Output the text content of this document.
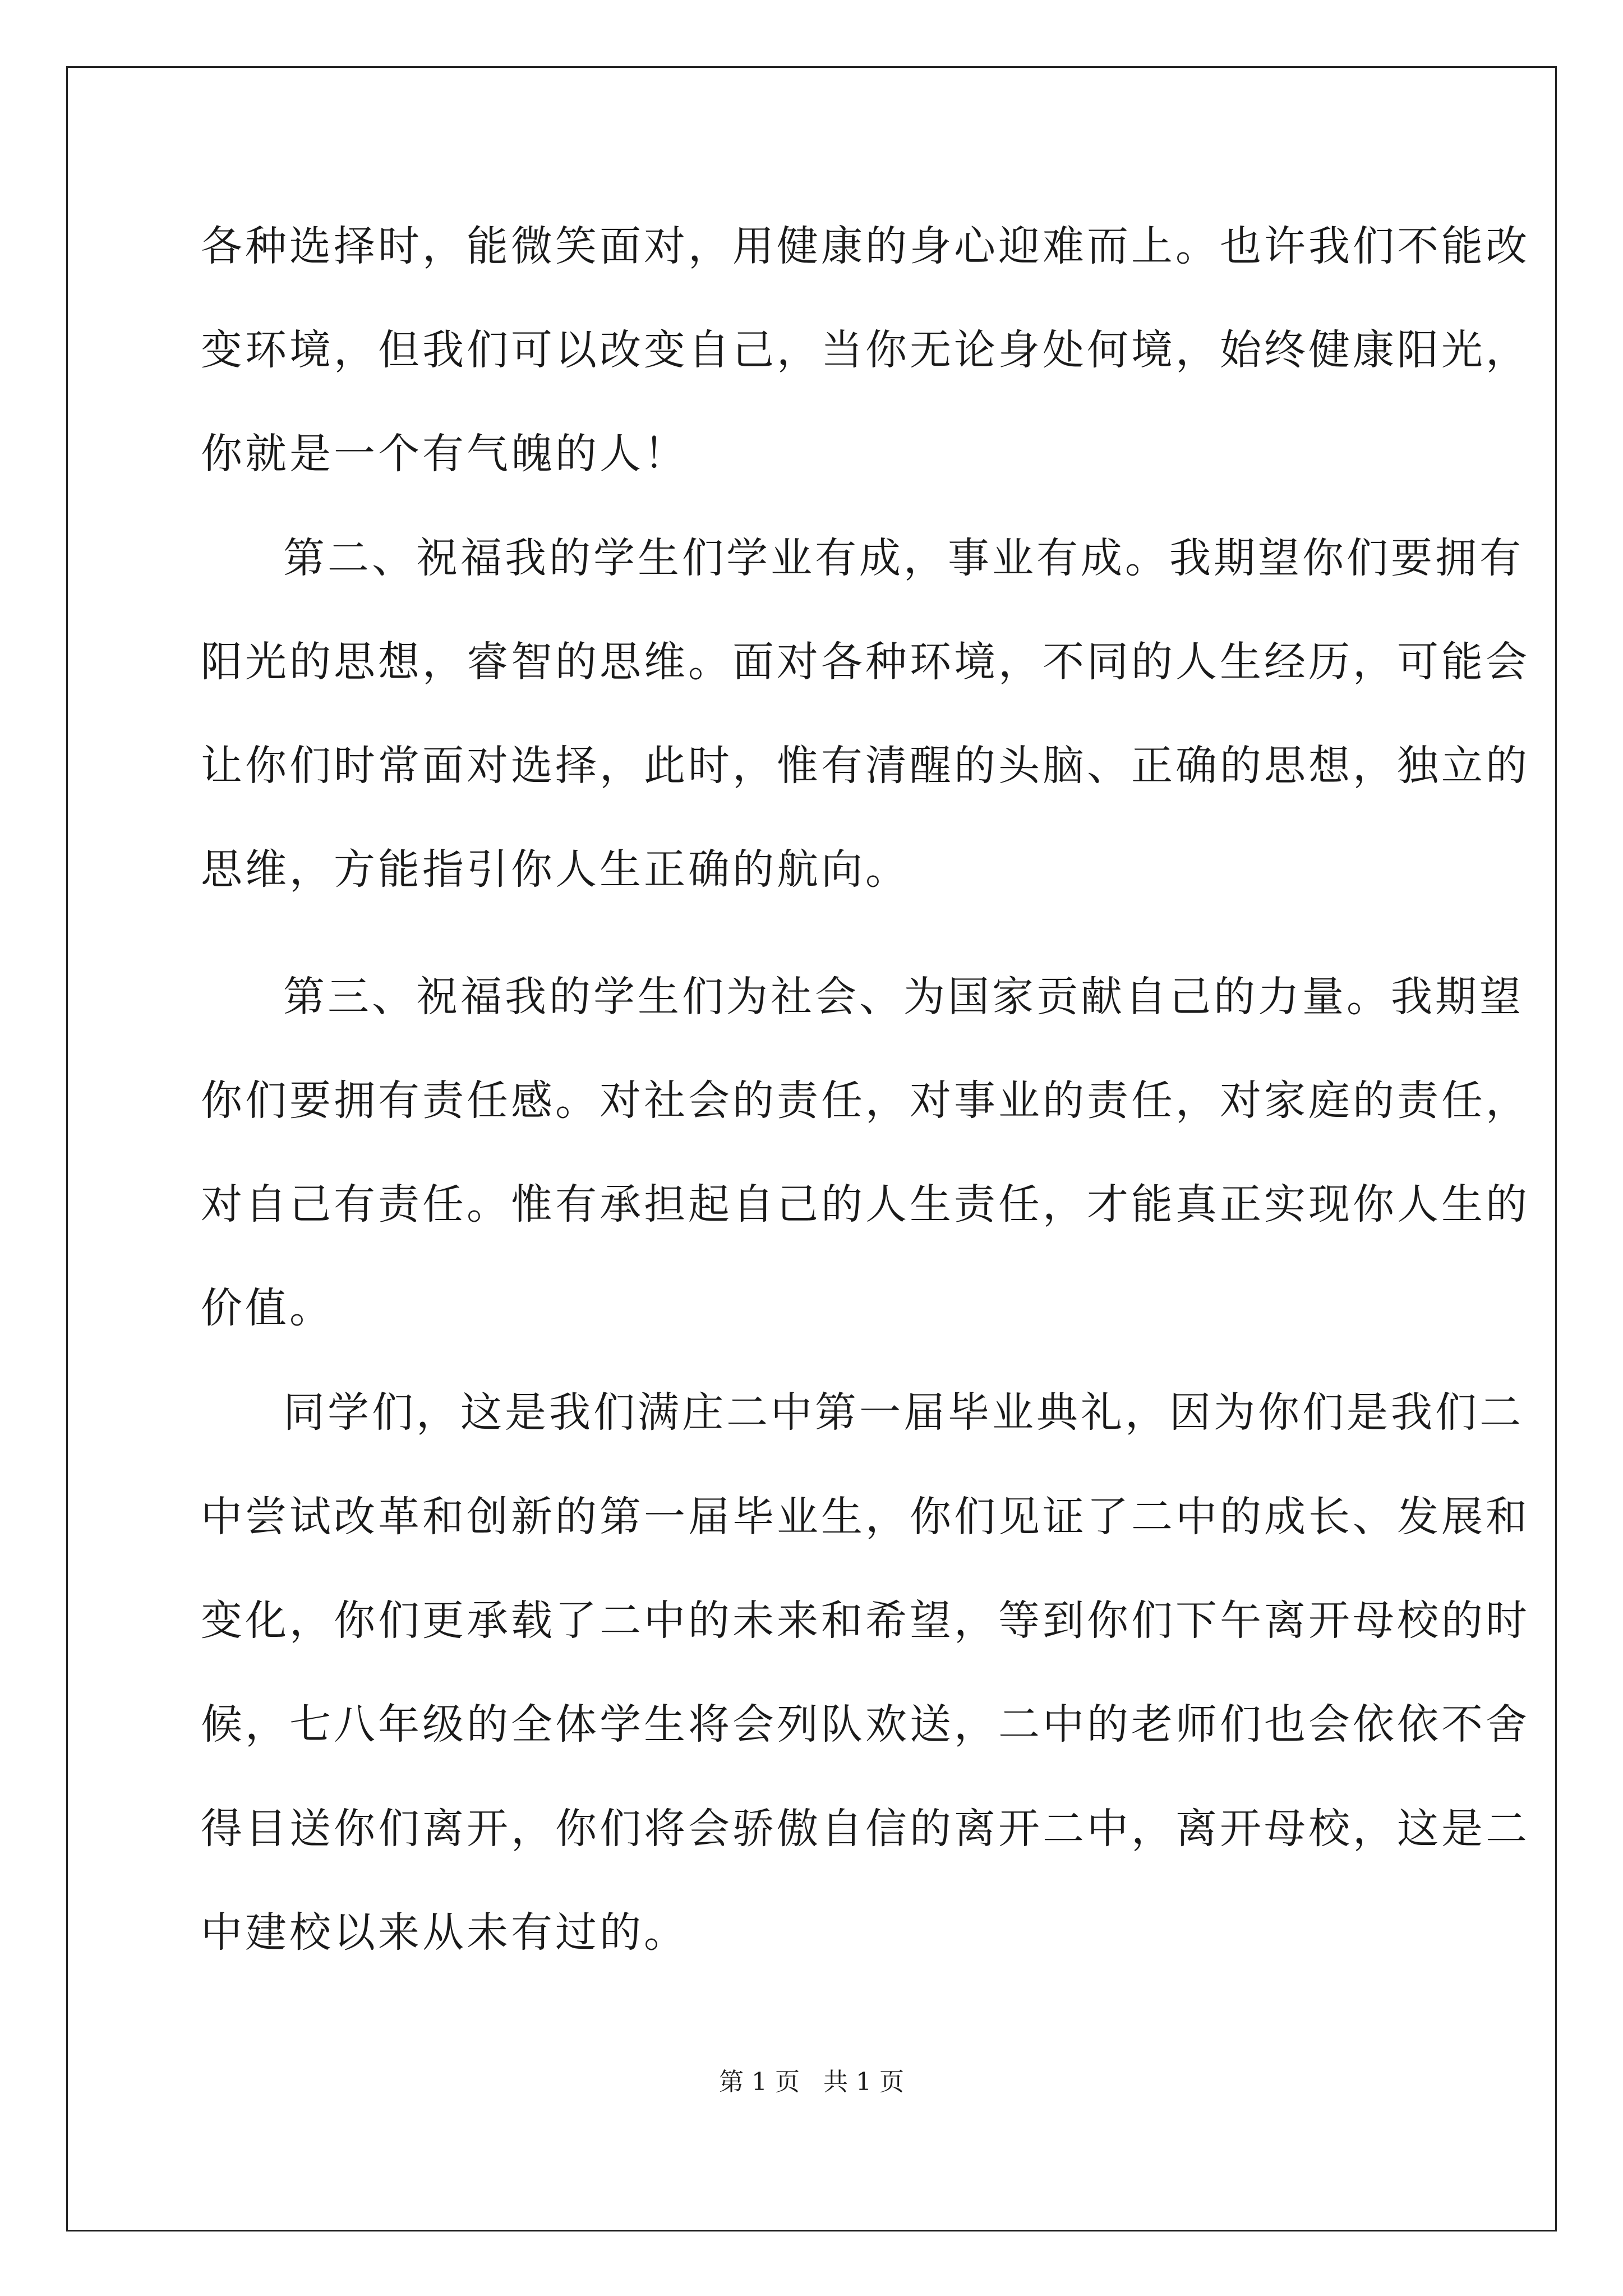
各种选择时，能微笑面对，用健康的身心迎难而上。也许我们不能改
变环境，但我们可以改变自己，当你无论身处何境，始终健康阳光，
你就是一个有气魄的人！
第二、祝福我的学生们学业有成，事业有成。我期望你们要拥有
阳光的思想，睿智的思维。面对各种环境，不同的人生经历，可能会
让你们时常面对选择，此时，惟有清醒的头脑、正确的思想，独立的
思维，方能指引你人生正确的航向。
第三、祝福我的学生们为社会、为国家贡献自己的力量。我期望
你们要拥有责任感。对社会的责任，对事业的责任，对家庭的责任，
对自己有责任。惟有承担起自己的人生责任，才能真正实现你人生的
价值。
同学们，这是我们满庄二中第一届毕业典礼，因为你们是我们二
中尝试改革和创新的第一届毕业生，你们见证了二中的成长、发展和
变化，你们更承载了二中的未来和希望，等到你们下午离开母校的时
候，七八年级的全体学生将会列队欢送，二中的老师们也会依依不舍
得目送你们离开，你们将会骄傲自信的离开二中，离开母校，这是二
中建校以来从未有过的。
第 1 页   共 1 页
